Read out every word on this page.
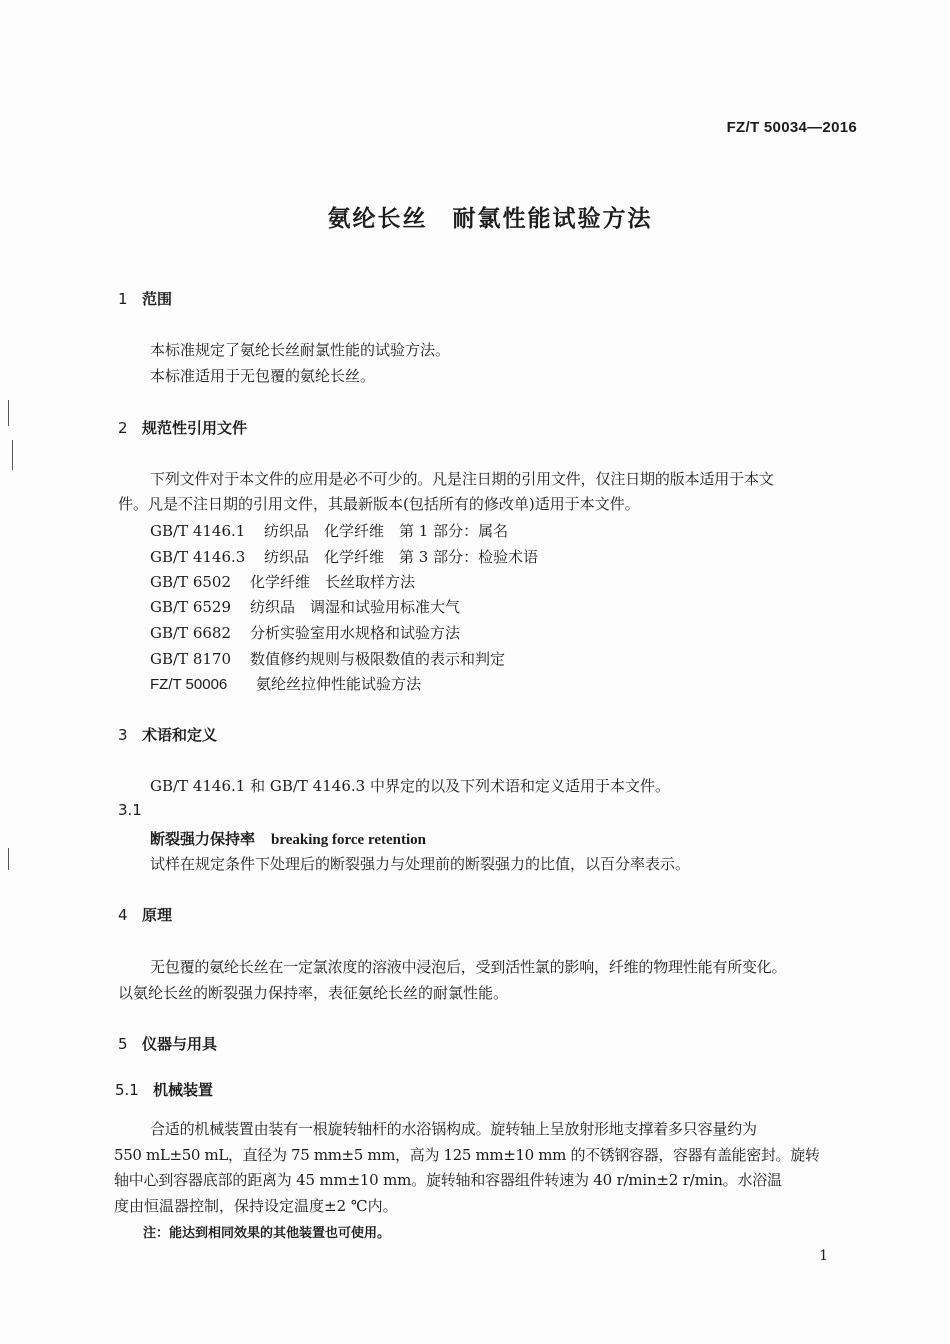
FZ/T 50034—2016
氨纶长丝　耐氯性能试验方法
1 范围
本标准规定了氨纶长丝耐氯性能的试验方法。
本标准适用于无包覆的氨纶长丝。
2 规范性引用文件
下列文件对于本文件的应用是必不可少的。凡是注日期的引用文件，仅注日期的版本适用于本文
件。凡是不注日期的引用文件，其最新版本(包括所有的修改单)适用于本文件。
GB/T 4146.1 纺织品　化学纤维　第 1 部分：属名
GB/T 4146.3 纺织品　化学纤维　第 3 部分：检验术语
GB/T 6502 化学纤维　长丝取样方法
GB/T 6529 纺织品　调湿和试验用标准大气
GB/T 6682 分析实验室用水规格和试验方法
GB/T 8170 数值修约规则与极限数值的表示和判定
FZ/T 50006 氨纶丝拉伸性能试验方法
3 术语和定义
GB/T 4146.1 和 GB/T 4146.3 中界定的以及下列术语和定义适用于本文件。
3.1
断裂强力保持率 breaking force retention
试样在规定条件下处理后的断裂强力与处理前的断裂强力的比值，以百分率表示。
4 原理
无包覆的氨纶长丝在一定氯浓度的溶液中浸泡后，受到活性氯的影响，纤维的物理性能有所变化。
以氨纶长丝的断裂强力保持率，表征氨纶长丝的耐氯性能。
5 仪器与用具
5.1 机械装置
合适的机械装置由装有一根旋转轴杆的水浴锅构成。旋转轴上呈放射形地支撑着多只容量约为
550 mL±50 mL，直径为 75 mm±5 mm，高为 125 mm±10 mm 的不锈钢容器，容器有盖能密封。旋转
轴中心到容器底部的距离为 45 mm±10 mm。旋转轴和容器组件转速为 40 r/min±2 r/min。水浴温
度由恒温器控制，保持设定温度±2 ℃内。
注：能达到相同效果的其他装置也可使用。
1
